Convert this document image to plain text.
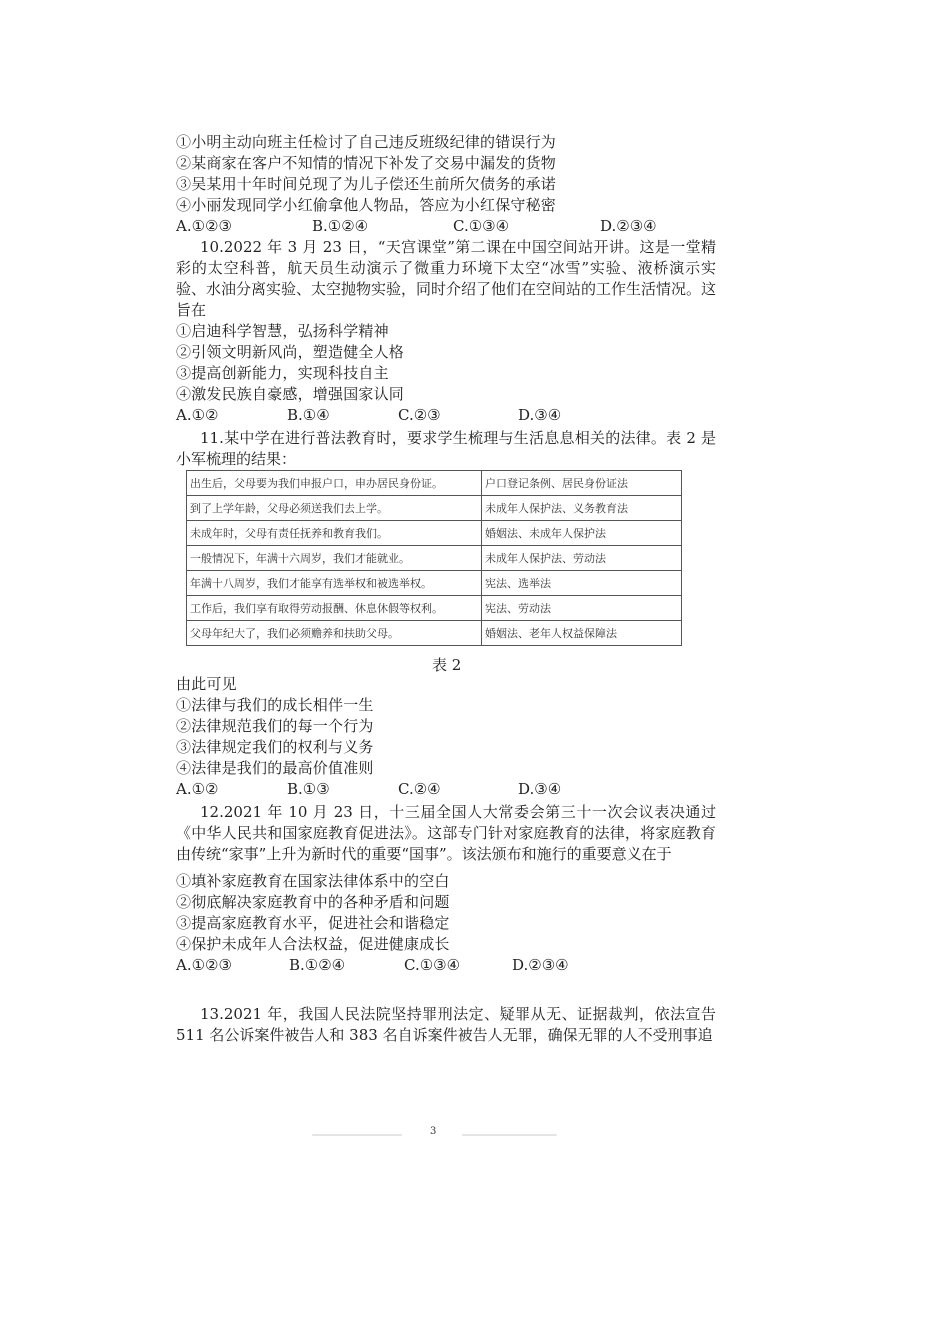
①小明主动向班主任检讨了自己违反班级纪律的错误行为
②某商家在客户不知情的情况下补发了交易中漏发的货物
③吴某用十年时间兑现了为儿子偿还生前所欠债务的承诺
④小丽发现同学小红偷拿他人物品，答应为小红保守秘密
A.①②③	B.①②④	C.①③④	D.②③④
10.2022 年 3 月 23 日，“天宫课堂”第二课在中国空间站开讲。这是一堂精彩的太空科普，航天员生动演示了微重力环境下太空“冰雪”实验、液桥演示实验、水油分离实验、太空抛物实验，同时介绍了他们在空间站的工作生活情况。这旨在
①启迪科学智慧，弘扬科学精神
②引领文明新风尚，塑造健全人格
③提高创新能力，实现科技自主
④激发民族自豪感，增强国家认同
A.①②	B.①④	C.②③	D.③④
11.某中学在进行普法教育时，要求学生梳理与生活息息相关的法律。表 2 是小军梳理的结果：
出生后，父母要为我们申报户口，申办居民身份证。	户口登记条例、居民身份证法
到了上学年龄，父母必须送我们去上学。	未成年人保护法、义务教育法
未成年时，父母有责任抚养和教育我们。	婚姻法、未成年人保护法
一般情况下，年满十六周岁，我们才能就业。	未成年人保护法、劳动法
年满十八周岁，我们才能享有选举权和被选举权。	宪法、选举法
工作后，我们享有取得劳动报酬、休息休假等权利。	宪法、劳动法
父母年纪大了，我们必须赡养和扶助父母。	婚姻法、老年人权益保障法
表 2
由此可见
①法律与我们的成长相伴一生
②法律规范我们的每一个行为
③法律规定我们的权利与义务
④法律是我们的最高价值准则
A.①②	B.①③	C.②④	D.③④
12.2021 年 10 月 23 日，十三届全国人大常委会第三十一次会议表决通过《中华人民共和国家庭教育促进法》。这部专门针对家庭教育的法律，将家庭教育由传统“家事”上升为新时代的重要“国事”。该法颁布和施行的重要意义在于
①填补家庭教育在国家法律体系中的空白
②彻底解决家庭教育中的各种矛盾和问题
③提高家庭教育水平，促进社会和谐稳定
④保护未成年人合法权益，促进健康成长
A.①②③	B.①②④	C.①③④	D.②③④
13.2021 年，我国人民法院坚持罪刑法定、疑罪从无、证据裁判，依法宣告 511 名公诉案件被告人和 383 名自诉案件被告人无罪，确保无罪的人不受刑事追
3
